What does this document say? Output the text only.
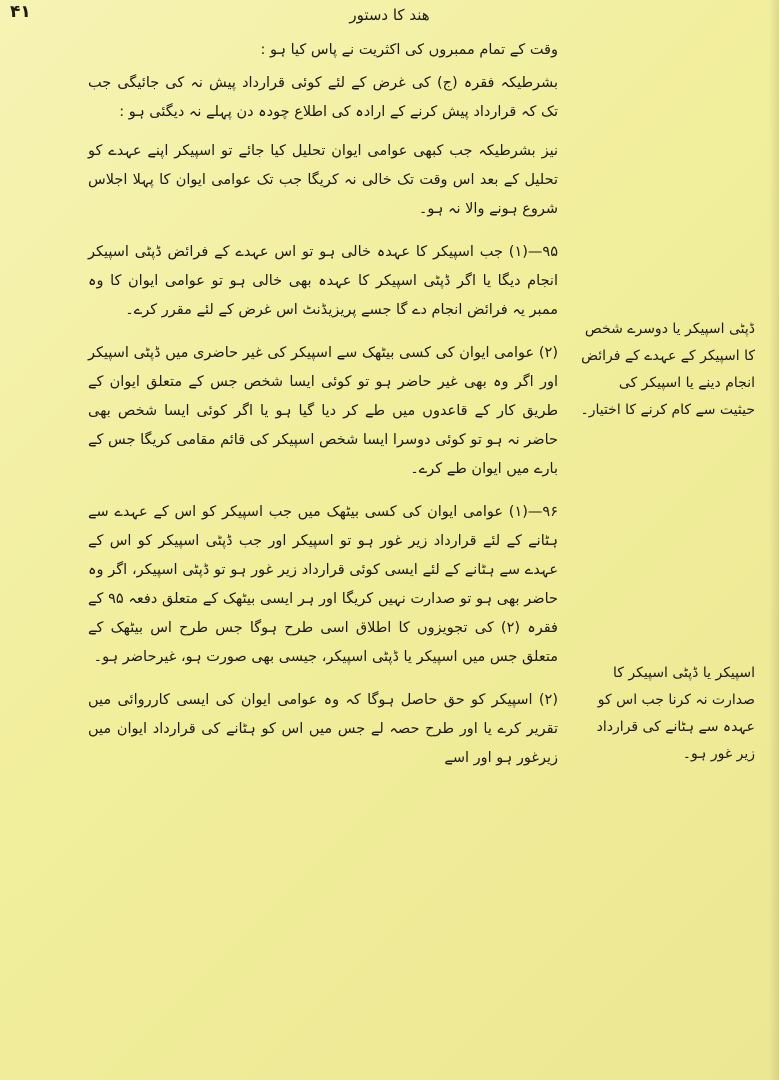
ھند کا دستور
۴۱

وقت کے تمام ممبروں کی اکثریت نے پاس کیا ہو :

بشرطیکہ فقرہ (ج) کی غرض کے لئے کوئی قرارداد پیش نہ کی جائیگی جب تک کہ قرارداد پیش کرنے کے ارادہ کی اطلاع چودہ دن پہلے نہ دیگئی ہو :

نیز بشرطیکہ جب کبھی عوامی ایوان تحلیل کیا جائے تو اسپیکر اپنے عہدے کو تحلیل کے بعد اس وقت تک خالی نہ کریگا جب تک عوامی ایوان کا پہلا اجلاس شروع ہونے والا نہ ہو۔

۹۵—(۱) جب اسپیکر کا عہدہ خالی ہو تو اس عہدے کے فرائض ڈپٹی اسپیکر انجام دیگا یا اگر ڈپٹی اسپیکر کا عہدہ بھی خالی ہو تو عوامی ایوان کا وہ ممبر یہ فرائض انجام دے گا جسے پریزیڈنٹ اس غرض کے لئے مقرر کرے۔

(۲) عوامی ایوان کی کسی بیٹھک سے اسپیکر کی غیر حاضری میں ڈپٹی اسپیکر اور اگر وہ بھی غیر حاضر ہو تو کوئی ایسا شخص جس کے متعلق ایوان کے طریق کار کے قاعدوں میں طے کر دیا گیا ہو یا اگر کوئی ایسا شخص بھی حاضر نہ ہو تو کوئی دوسرا ایسا شخص اسپیکر کی قائم مقامی کریگا جس کے بارے میں ایوان طے کرے۔

۹۶—(۱) عوامی ایوان کی کسی بیٹھک میں جب اسپیکر کو اس کے عہدے سے ہٹانے کے لئے قرارداد زیر غور ہو تو اسپیکر اور جب ڈپٹی اسپیکر کو اس کے عہدے سے ہٹانے کے لئے ایسی کوئی قرارداد زیر غور ہو تو ڈپٹی اسپیکر، اگر وہ حاضر بھی ہو تو صدارت نہیں کریگا اور ہر ایسی بیٹھک کے متعلق دفعہ ۹۵ کے فقرہ (۲) کی تجویزوں کا اطلاق اسی طرح ہوگا جس طرح اس بیٹھک کے متعلق جس میں اسپیکر یا ڈپٹی اسپیکر، جیسی بھی صورت ہو، غیرحاضر ہو۔

(۲) اسپیکر کو حق حاصل ہوگا کہ وہ عوامی ایوان کی ایسی کارروائی میں تقریر کرے یا اور طرح حصہ لے جس میں اس کو ہٹانے کی قرارداد ایوان میں زیرغور ہو اور اسے

ڈپٹی اسپیکر یا دوسرے شخص کا اسپیکر کے عہدے کے فرائض انجام دینے یا اسپیکر کی حیثیت سے کام کرنے کا اختیار۔
اسپیکر یا ڈپٹی اسپیکر کا صدارت نہ کرنا جب اس کو عہدہ سے ہٹانے کی قرارداد زیر غور ہو۔
